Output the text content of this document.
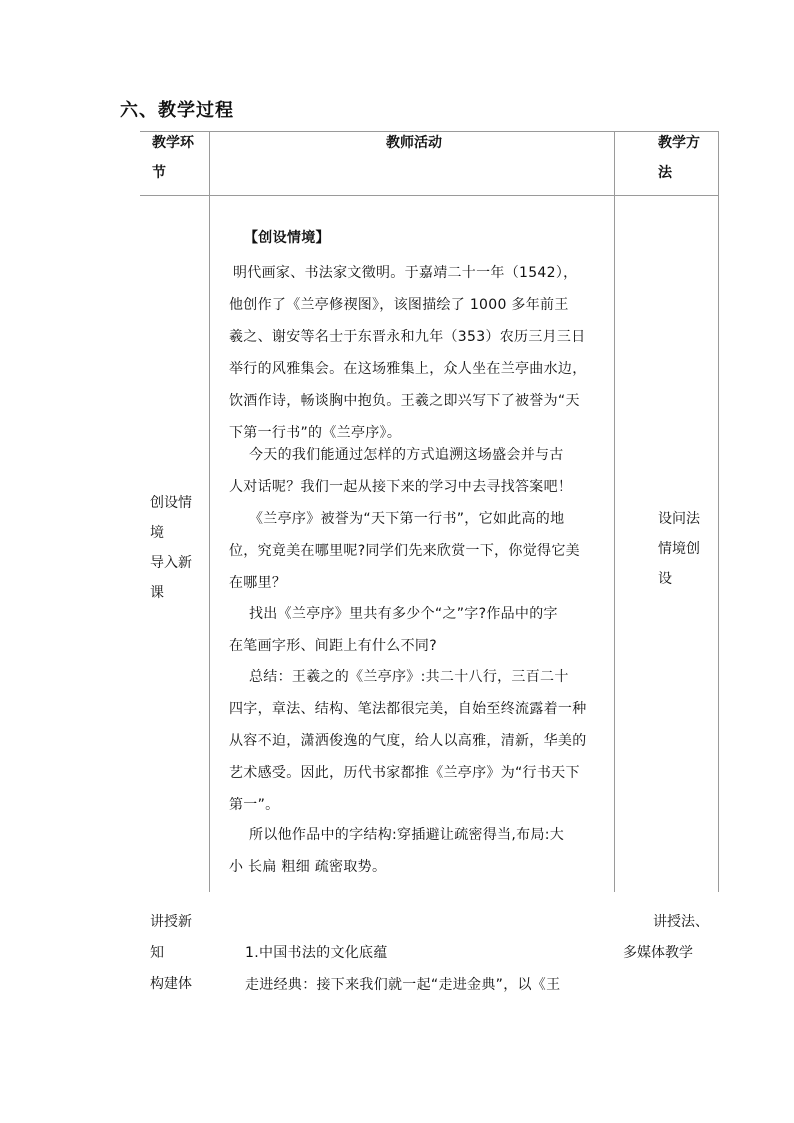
六、教学过程
教学环
节
教师活动	教学方
法
创设情
境
导入新
课
设问法
情境创
设
【创设情境】
明代画家、书法家文徵明。于嘉靖二十一年（1542），
他创作了《兰亭修禊图》，该图描绘了 1000 多年前王
羲之、谢安等名士于东晋永和九年（353）农历三月三日
举行的风雅集会。在这场雅集上，众人坐在兰亭曲水边，
饮酒作诗，畅谈胸中抱负。王羲之即兴写下了被誉为“天
下第一行书”的《兰亭序》。
今天的我们能通过怎样的方式追溯这场盛会并与古
人对话呢？我们一起从接下来的学习中去寻找答案吧！
《兰亭序》被誉为“天下第一行书”，它如此高的地
位，究竟美在哪里呢?同学们先来欣赏一下，你觉得它美
在哪里？
找出《兰亭序》里共有多少个“之”字?作品中的字
在笔画字形、间距上有什么不同?
总结：王羲之的《兰亭序》:共二十八行，三百二十
四字，章法、结构、笔法都很完美，自始至终流露着一种
从容不迫，潇洒俊逸的气度，给人以高雅，清新，华美的
艺术感受。因此，历代书家都推《兰亭序》为“行书天下
第一”。
所以他作品中的字结构:穿插避让疏密得当,布局:大
小 长扁 粗细 疏密取势。
讲授新
知
构建体
讲授法、
多媒体教学
1.中国书法的文化底蕴
走进经典：接下来我们就一起“走进金典”，以《王
